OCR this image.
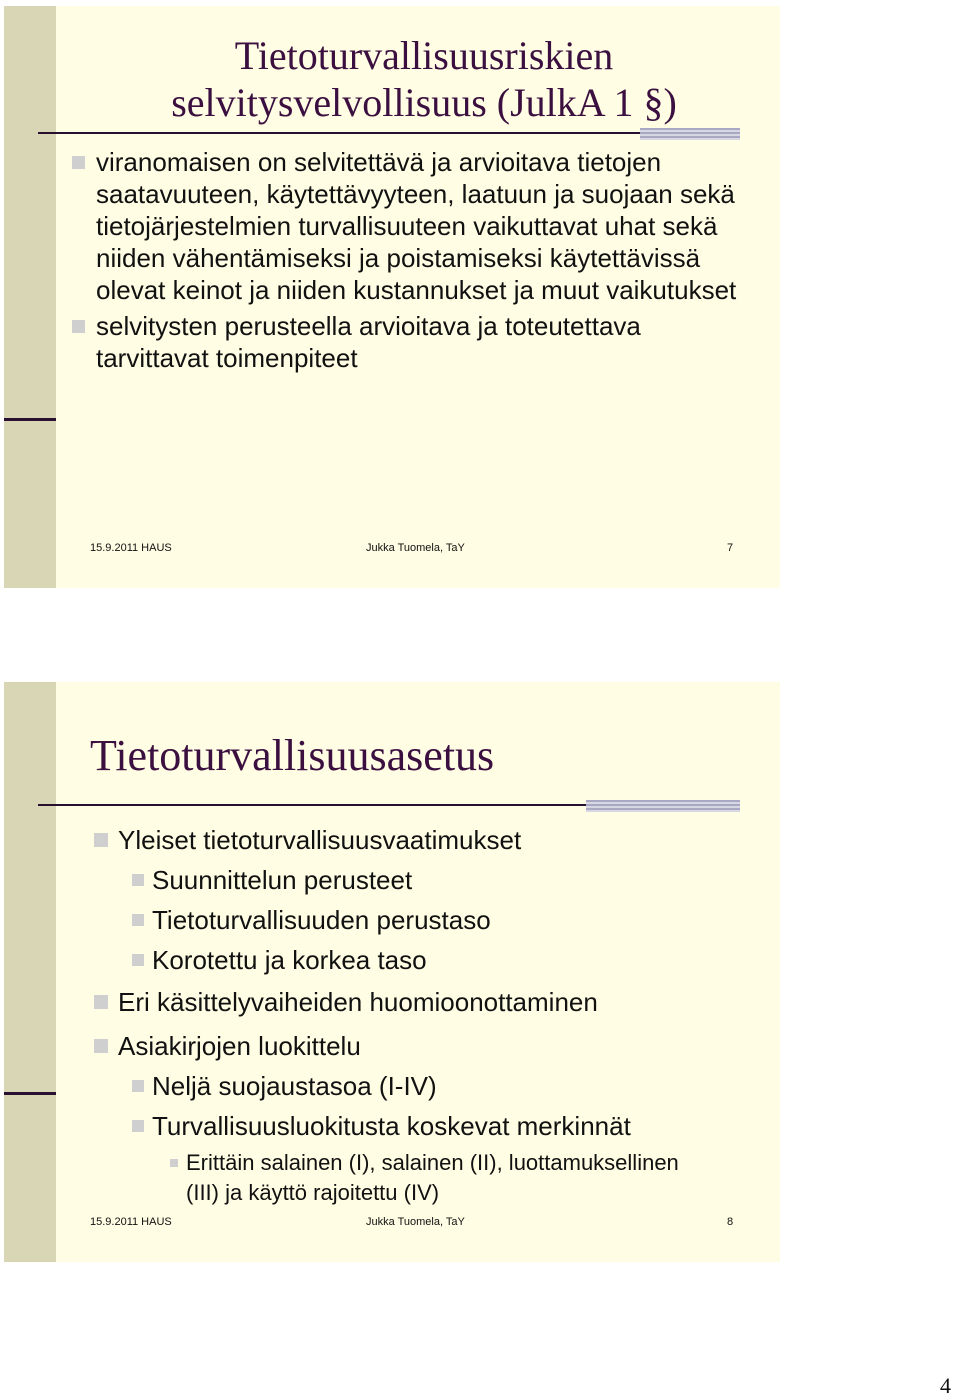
Tietoturvallisuusriskien selvitysvelvollisuus (JulkA 1 §)
viranomaisen on selvitettävä ja arvioitava tietojen saatavuuteen, käytettävyyteen, laatuun ja suojaan sekä tietojärjestelmien turvallisuuteen vaikuttavat uhat sekä niiden vähentämiseksi ja poistamiseksi käytettävissä olevat keinot ja niiden kustannukset ja muut vaikutukset
selvitysten perusteella arvioitava ja toteutettava tarvittavat toimenpiteet
15.9.2011 HAUS	Jukka Tuomela, TaY	7
Tietoturvallisuusasetus
Yleiset tietoturvallisuusvaatimukset
Suunnittelun perusteet
Tietoturvallisuuden perustaso
Korotettu ja korkea taso
Eri käsittelyvaiheiden huomioonottaminen
Asiakirjojen luokittelu
Neljä suojaustasoa (I-IV)
Turvallisuusluokitusta koskevat merkinnät
Erittäin salainen (I), salainen (II), luottamuksellinen (III) ja käyttö rajoitettu (IV)
15.9.2011 HAUS	Jukka Tuomela, TaY	8
4
